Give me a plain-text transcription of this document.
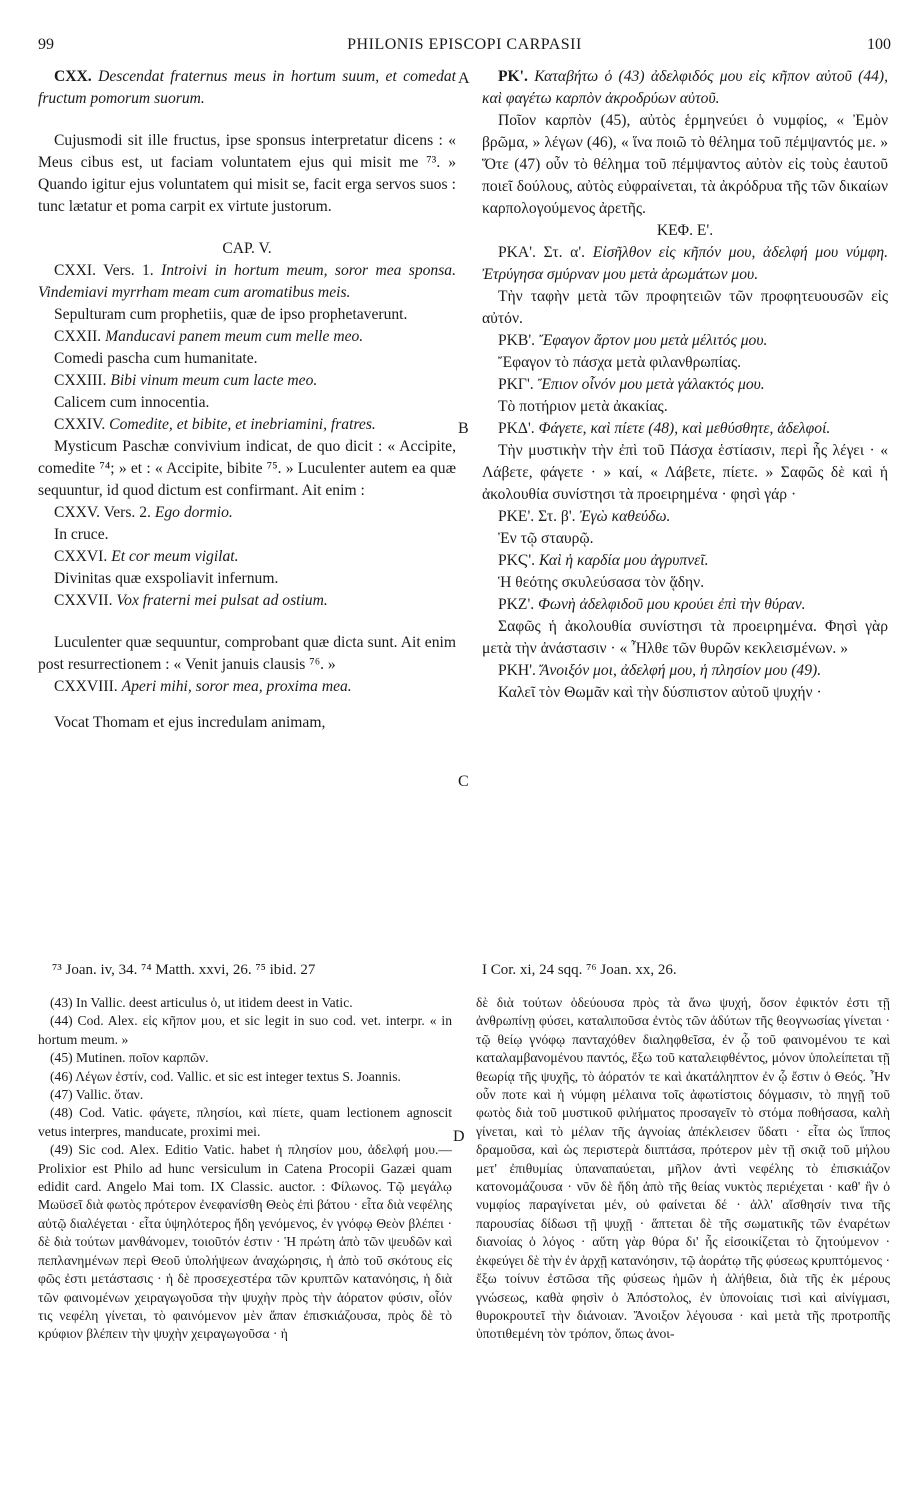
99	PHILONIS EPISCOPI CARPASII	100
A
B
C
D

CXX. Descendat fraternus meus in hortum suum, et comedat fructum pomorum suorum.

Cujusmodi sit ille fructus, ipse sponsus interpretatur dicens : « Meus cibus est, ut faciam voluntatem ejus qui misit me ⁷³. » Quando igitur ejus voluntatem qui misit se, facit erga servos suos : tunc lætatur et poma carpit ex virtute justorum.

CAP. V.

CXXI. Vers. 1. Introivi in hortum meum, soror mea sponsa. Vindemiavi myrrham meam cum aromatibus meis.

Sepulturam cum prophetiis, quæ de ipso prophetaverunt.

CXXII. Manducavi panem meum cum melle meo.

Comedi pascha cum humanitate.

CXXIII. Bibi vinum meum cum lacte meo.

Calicem cum innocentia.

CXXIV. Comedite, et bibite, et inebriamini, fratres.

Mysticum Paschæ convivium indicat, de quo dicit : « Accipite, comedite ⁷⁴; » et : « Accipite, bibite ⁷⁵. » Luculenter autem ea quæ sequuntur, id quod dictum est confirmant. Ait enim :

CXXV. Vers. 2. Ego dormio.

In cruce.

CXXVI. Et cor meum vigilat.

Divinitas quæ exspoliavit infernum.

CXXVII. Vox fraterni mei pulsat ad ostium.

Luculenter quæ sequuntur, comprobant quæ dicta sunt. Ait enim post resurrectionem : « Venit januis clausis ⁷⁶. »

CXXVIII. Aperi mihi, soror mea, proxima mea.

Vocat Thomam et ejus incredulam animam,

ΡΚ'. Καταβήτω ὁ (43) ἀδελφιδός μου εἰς κῆπον αὐτοῦ (44), καὶ φαγέτω καρπὸν ἀκροδρύων αὐτοῦ.

Ποῖον καρπὸν (45), αὐτὸς ἑρμηνεύει ὁ νυμφίος, « Ἐμὸν βρῶμα, » λέγων (46), « ἵνα ποιῶ τὸ θέλημα τοῦ πέμψαντός με. » Ὅτε (47) οὖν τὸ θέλημα τοῦ πέμψαντος αὐτὸν εἰς τοὺς ἑαυτοῦ ποιεῖ δούλους, αὐτὸς εὐφραίνεται, τὰ ἀκρόδρυα τῆς τῶν δικαίων καρπολογούμενος ἀρετῆς.

ΚΕΦ. Ε'.

ΡΚΑ'. Στ. α'. Εἰσῆλθον εἰς κῆπόν μου, ἀδελφή μου νύμφη. Ἐτρύγησα σμύρναν μου μετὰ ἀρωμάτων μου.

Τὴν ταφὴν μετὰ τῶν προφητειῶν τῶν προφητευουσῶν εἰς αὐτόν.

ΡΚΒ'. Ἔφαγον ἄρτον μου μετὰ μέλιτός μου.

Ἔφαγον τὸ πάσχα μετὰ φιλανθρωπίας.

ΡΚΓ'. Ἔπιον οἶνόν μου μετὰ γάλακτός μου.

Τὸ ποτήριον μετὰ ἀκακίας.

ΡΚΔ'. Φάγετε, καὶ πίετε (48), καὶ μεθύσθητε, ἀδελφοί.

Τὴν μυστικὴν τὴν ἐπὶ τοῦ Πάσχα ἑστίασιν, περὶ ἧς λέγει · « Λάβετε, φάγετε · » καί, « Λάβετε, πίετε. » Σαφῶς δὲ καὶ ἡ ἀκολουθία συνίστησι τὰ προειρημένα · φησὶ γάρ ·

ΡΚΕ'. Στ. β'. Ἐγὼ καθεύδω.

Ἐν τῷ σταυρῷ.

ΡΚϚ'. Καὶ ἡ καρδία μου ἀγρυπνεῖ.

Ἡ θεότης σκυλεύσασα τὸν ᾅδην.

ΡΚΖ'. Φωνὴ ἀδελφιδοῦ μου κρούει ἐπὶ τὴν θύραν.

Σαφῶς ἡ ἀκολουθία συνίστησι τὰ προειρημένα. Φησὶ γὰρ μετὰ τὴν ἀνάστασιν · « Ἦλθε τῶν θυρῶν κεκλεισμένων. »

ΡΚΗ'. Ἄνοιξόν μοι, ἀδελφή μου, ἡ πλησίον μου (49).

Καλεῖ τὸν Θωμᾶν καὶ τὴν δύσπιστον αὐτοῦ ψυχήν ·

⁷³ Joan. iv, 34. ⁷⁴ Matth. xxvi, 26. ⁷⁵ ibid. 27	I Cor. xi, 24 sqq. ⁷⁶ Joan. xx, 26.

(43) In Vallic. deest articulus ὁ, ut itidem deest in Vatic.

(44) Cod. Alex. εἰς κῆπον μου, et sic legit in suo cod. vet. interpr. « in hortum meum. »

(45) Mutinen. ποῖον καρπῶν.

(46) Λέγων ἐστίν, cod. Vallic. et sic est integer textus S. Joannis.

(47) Vallic. ὅταν.

(48) Cod. Vatic. φάγετε, πλησίοι, καὶ πίετε, quam lectionem agnoscit vetus interpres, manducate, proximi mei.

(49) Sic cod. Alex. Editio Vatic. habet ἡ πλησίον μου, ἀδελφή μου.—Prolixior est Philo ad hunc versiculum in Catena Procopii Gazæi quam edidit card. Angelo Mai tom. IX Classic. auctor. : Φίλωνος. Τῷ μεγάλῳ Μωϋσεῖ διὰ φωτὸς πρότερον ἐνεφανίσθη Θεὸς ἐπὶ βάτου · εἶτα διὰ νεφέλης αὐτῷ διαλέγεται · εἶτα ὑψηλότερος ἤδη γενόμενος, ἐν γνόφῳ Θεὸν βλέπει · δὲ διὰ τούτων μανθάνομεν, τοιοῦτόν ἐστιν · Ἡ πρώτη ἀπὸ τῶν ψευδῶν καὶ πεπλανημένων περὶ Θεοῦ ὑπολήψεων ἀναχώρησις, ἡ ἀπὸ τοῦ σκότους εἰς φῶς ἐστι μετάστασις · ἡ δὲ προσεχεστέρα τῶν κρυπτῶν κατανόησις, ἡ διὰ τῶν φαινομένων χειραγωγοῦσα τὴν ψυχὴν πρὸς τὴν ἀόρατον φύσιν, οἷόν τις νεφέλη γίνεται, τὸ φαινόμενον μὲν ἅπαν ἐπισκιάζουσα, πρὸς δὲ τὸ κρύφιον βλέπειν τὴν ψυχὴν χειραγωγοῦσα · ἡ

δὲ διὰ τούτων ὁδεύουσα πρὸς τὰ ἄνω ψυχή, ὅσον ἐφικτόν ἐστι τῇ ἀνθρωπίνῃ φύσει, καταλιποῦσα ἐντὸς τῶν ἀδύτων τῆς θεογνωσίας γίνεται · τῷ θείῳ γνόφῳ πανταχόθεν διαληφθεῖσα, ἐν ᾧ τοῦ φαινομένου τε καὶ καταλαμβανομένου παντός, ἔξω τοῦ καταλειφθέντος, μόνον ὑπολείπεται τῇ θεωρίᾳ τῆς ψυχῆς, τὸ ἀόρατόν τε καὶ ἀκατάληπτον ἐν ᾧ ἔστιν ὁ Θεός. Ἦν οὖν ποτε καὶ ἡ νύμφη μέλαινα τοῖς ἀφωτίστοις δόγμασιν, τὸ πηγῇ τοῦ φωτὸς διὰ τοῦ μυστικοῦ φιλήματος προσαγεῖν τὸ στόμα ποθήσασα, καλὴ γίνεται, καὶ τὸ μέλαν τῆς ἀγνοίας ἀπέκλεισεν ὕδατι · εἶτα ὡς ἵππος δραμοῦσα, καὶ ὡς περιστερὰ διιπτάσα, πρότερον μὲν τῇ σκιᾷ τοῦ μήλου μετ' ἐπιθυμίας ὑπαναπαύεται, μῆλον ἀντὶ νεφέλης τὸ ἐπισκιάζον κατονομάζουσα · νῦν δὲ ἤδη ἀπὸ τῆς θείας νυκτὸς περιέχεται · καθ' ἣν ὁ νυμφίος παραγίνεται μέν, οὐ φαίνεται δέ · ἀλλ' αἴσθησίν τινα τῆς παρουσίας δίδωσι τῇ ψυχῇ · ἅπτεται δὲ τῆς σωματικῆς τῶν ἐναρέτων διανοίας ὁ λόγος · αὕτη γὰρ θύρα δι' ἧς εἰσοικίζεται τὸ ζητούμενον · ἐκφεύγει δὲ τὴν ἐν ἀρχῇ κατανόησιν, τῷ ἀοράτῳ τῆς φύσεως κρυπτόμενος · ἔξω τοίνυν ἐστῶσα τῆς φύσεως ἡμῶν ἡ ἀλήθεια, διὰ τῆς ἐκ μέρους γνώσεως, καθὰ φησὶν ὁ Ἀπόστολος, ἐν ὑπονοίαις τισὶ καὶ αἰνίγμασι, θυροκρουτεῖ τὴν διάνοιαν. Ἄνοιξον λέγουσα · καὶ μετὰ τῆς προτροπῆς ὑποτιθεμένη τὸν τρόπον, ὅπως ἀνοι-
